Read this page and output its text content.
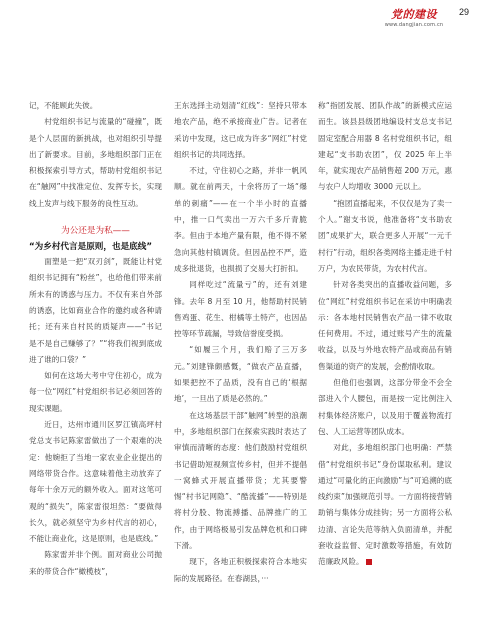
党的建设
www.dangjian.com.cn
29

记，不能顾此失彼。

村党组织书记与流量的“碰撞”，既是个人层面的新挑战，也对组织引导提出了新要求。目前，多地组织部门正在积极探索引导方式，帮助村党组织书记在“触网”中找准定位、发挥专长，实现线上发声与线下服务的良性互动。

为公还是为私——

“为乡村代言是原则，也是底线”

面塑是一把“双刃剑”，既能让村党组织书记拥有“粉丝”，也给他们带来前所未有的诱惑与压力。不仅有来自外部的诱惑，比如商业合作的邀约或各种请托；还有来自村民的质疑声——“书记是不是自己赚够了？”“将我们视到底成进了谁的口袋？”

如何在这场大考中守住初心，成为每一位“网红”村党组织书记必须回答的现实课题。

近日，达州市通川区罗江镇高坪村党总支书记陈家雷做出了一个艰难的决定：他婉拒了当地一家农业企业提出的网络带货合作。这意味着他主动放弃了每年十余万元的额外收入。面对这笔可观的“损失”，陈家雷很坦然：“要做得长久，就必须坚守为乡村代言的初心，不能让商业化，这是原则，也是底线。”

陈家雷并非个例。面对商业公司抛来的带货合作“橄榄枝”，

王东选择主动划清“红线”：坚持只带本地农产品，绝不承接商业广告。记者在采访中发现，这已成为许多“网红”村党组织书记的共同选择。

不过，守住初心之路，并非一帆风顺。就在前两天，十余将历了一场“爆单的刺痛”——在一个半小时的直播中，推一口气卖出一万六千多斤青脆李。但由于本地产量有限，他不得不紧急向其他村镇调货。但因品控不严，造成多批退货，也损损了交易大打折扣。

同样吃过“流量亏”的，还有刘建锋。去年 8 月至 10 月，他帮助村民销售鸡蛋、花生、柑橘等土特产，也因品控等环节疏漏，导致信誉度受损。

“如履三个月，我们赔了三万多元。”刘建锋颇感慨，“做农产品直播，如果把控不了品质，没有自己的‘根据地’，一旦出了质是必然的。”

在这场基层干部“触网”转型的浪潮中，多地组织部门在探索实践时表达了审慎而清晰的态度：他们鼓励村党组织书记借助短视频宣传乡村，但并不提倡一窝蜂式开展直播带货；尤其要警惕“村书记网隐”、“酷流播”——特别是将村分股、物流搏播、品牌推广的工作，由于网络极易引发品牌危机和口碑下滑。

现下，各地正积极探索符合本地实际的发展路径。在春湖县，···

称“指团发展、团队作战”的新模式应运而生。该县县级团地编设村支总支书记固定室配合用器 8 名村党组织书记，组建起“支书助农团”，仅 2025 年上半年，就实现农产品销售超 200 万元，惠与农户人均增收 3000 元以上。

“抱团直播起来，不仅仅是为了卖一个人。”谢支书说，他准备将“支书助农团”成果扩大，联合更多人开展“一元千村行”行动，组织各类网络主播走进千村万户，为农民带货，为农村代言。

针对各类突出的直播收益问题，多位“网红”村党组织书记在采访中明确表示：各本地村民销售农产品一律不收取任何费用。不过，通过账号产生的流量收益，以及与外地农特产品或商品有销售渠道的资产的发展，会酌情收取。

但他们也强调，这部分带金不会全部进入个人腰包，而是按一定比例注入村集体经济账户，以及用于覆盖物流打包、人工运营等团队成本。

对此，多地组织部门也明确：严禁借“村党组织书记”身份谋取私利。建议通过“可量化的正向激励”与“可追溯的底线约束”加强规范引导。一方面将接营销助销与集体分成挂钩；另一方面将公私边清、言论失范等纳入负面清单，并配套收益监督、定时激数等措施，有效防范廉政风险。
